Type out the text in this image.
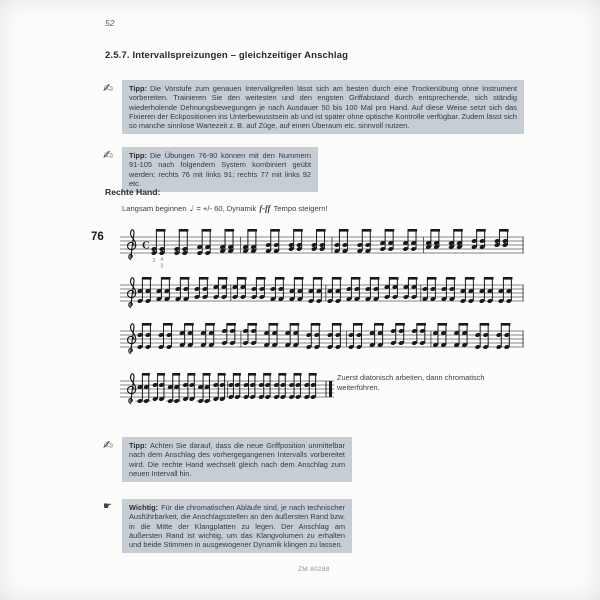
52
2.5.7. Intervallspreizungen – gleichzeitiger Anschlag
✍	Tipp: Die Vorstufe zum genauen Intervallgreifen lässt sich am besten durch eine Trockenübung ohne Instrument vorbereiten. Trainieren Sie den weitesten und den engsten Griffabstand durch entsprechende, sich ständig wiederholende Dehnungsbewegungen je nach Ausdauer 50 bis 100 Mal pro Hand. Auf diese Weise setzt sich das Fixieren der Eckpositionen ins Unterbewusstsein ab und ist später ohne optische Kontrolle verfügbar. Zudem lässt sich so manche sinnlose Wartezeit z. B. auf Züge, auf einen Überaum etc. sinnvoll nutzen.
✍	Tipp: Die Übungen 76-90 können mit den Nummern 91-105 nach folgendem System kombiniert geübt werden: rechts 76 mit links 91; rechts 77 mit links 92 etc.
Rechte Hand:
Langsam beginnen ♩ = +/- 60, Dynamik f-ff Tempo steigern!
76
C
3 4
3
Zuerst diatonisch arbeiten, dann chromatisch weiterführen.
✍	Tipp: Achten Sie darauf, dass die neue Griffposition unmittelbar nach dem Anschlag des vorhergegangenen Intervalls vorbereitet wird. Die rechte Hand wechselt gleich nach dem Anschlag zum neuen Intervall hin.
☛	Wichtig: Für die chromatischen Abläufe sind, je nach technischer Ausführbarkeit, die Anschlagsstellen an den äußersten Rand bzw. in die Mitte der Klangplatten zu legen. Der Anschlag am äußersten Rand ist wichtig, um das Klangvolumen zu erhalten und beide Stimmen in ausgewogener Dynamik klingen zu lassen.
ZM 80288
